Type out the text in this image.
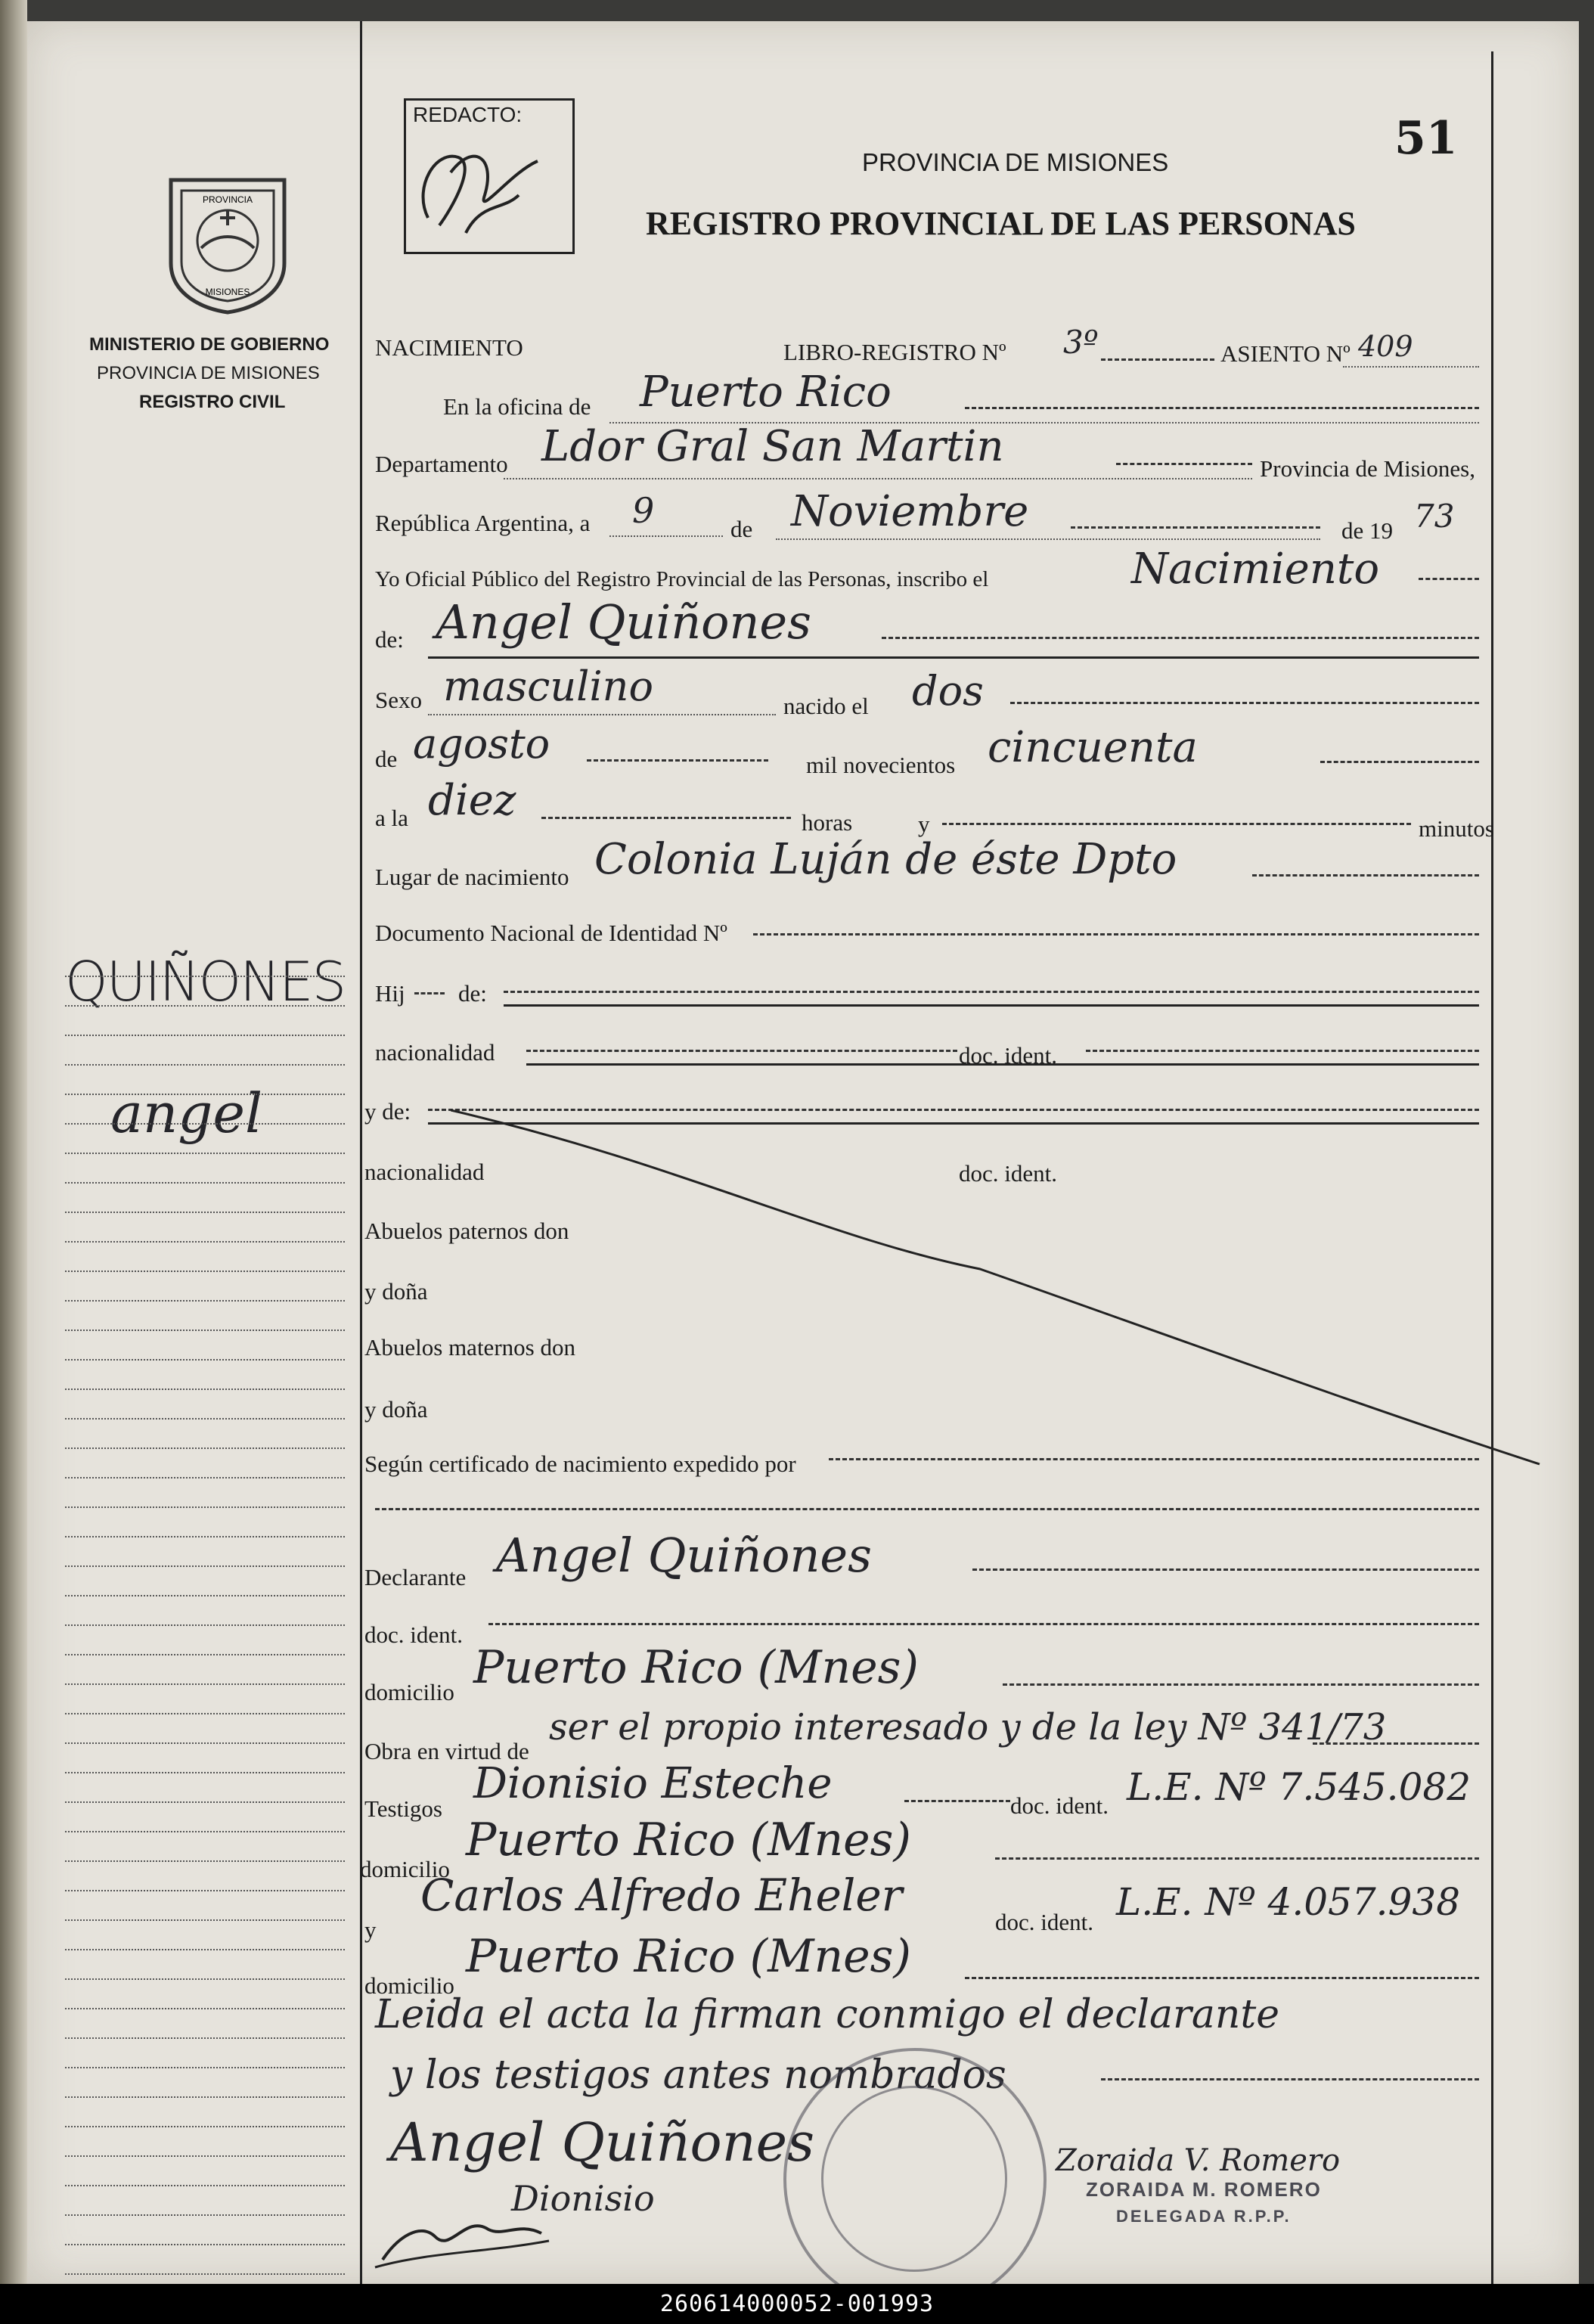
REDACTO:	51
PROVINCIA DE MISIONES
REGISTRO PROVINCIAL DE LAS PERSONAS
PROVINCIA
MISIONES
MINISTERIO DE GOBIERNO
PROVINCIA DE MISIONES
REGISTRO CIVIL
QUIÑONES
angel
NACIMIENTO	LIBRO-REGISTRO Nº 3º	ASIENTO Nº 409
En la oficina de Puerto Rico
Departamento Ldor Gral San Martin	Provincia de Misiones,
República Argentina, a 9	de Noviembre	de 19 73
Yo Oficial Público del Registro Provincial de las Personas, inscribo el	Nacimiento
de: Angel Quiñones
Sexo masculino	nacido el dos
de agosto	mil novecientos cincuenta
a la diez	horas	y	minutos
Lugar de nacimiento Colonia Luján de éste Dpto
Documento Nacional de Identidad Nº
Hij de:
nacionalidad	doc. ident.
y de:
nacionalidad	doc. ident.
Abuelos paternos don
y doña
Abuelos maternos don
y doña
Según certificado de nacimiento expedido por
Declarante Angel Quiñones
doc. ident.
domicilio Puerto Rico (Mnes)
Obra en virtud de
ser el propio interesado y de la ley Nº 341/73
Testigos
Dionisio Esteche	doc. ident. L.E. Nº 7.545.082
domicilio
Puerto Rico (Mnes)
y
Carlos Alfredo Eheler
doc. ident. L.E. Nº 4.057.938
domicilio
Puerto Rico (Mnes)
Leida el acta la firman conmigo el declarante
y los testigos antes nombrados
Angel Quiñones
Dionisio
Zoraida V. Romero
ZORAIDA M. ROMERO
DELEGADA R.P.P.
260614000052-001993
